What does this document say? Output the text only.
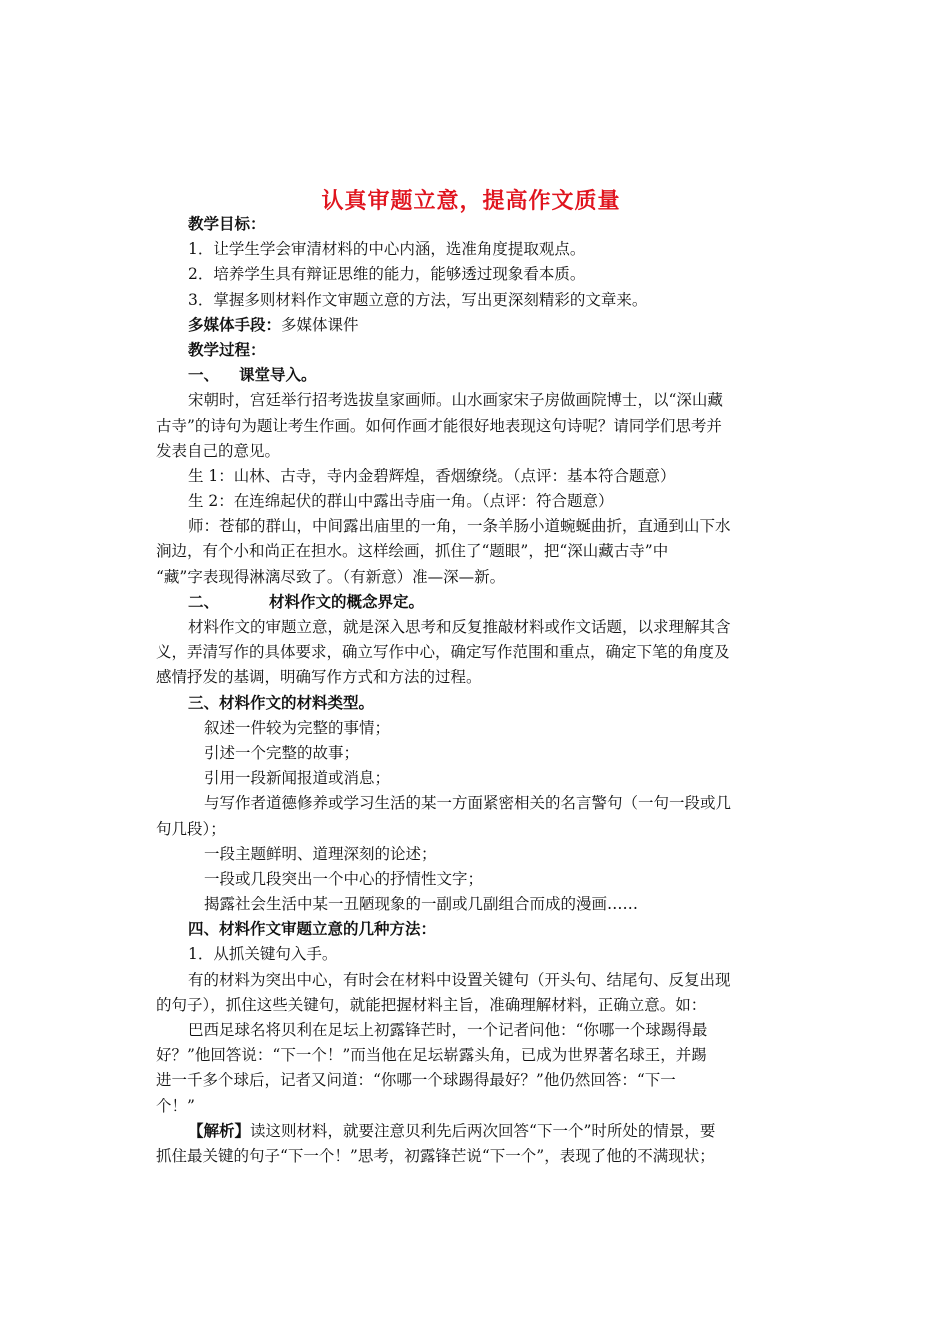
认真审题立意，提高作文质量
教学目标：
1．让学生学会审清材料的中心内涵，选准角度提取观点。
2．培养学生具有辩证思维的能力，能够透过现象看本质。
3．掌握多则材料作文审题立意的方法，写出更深刻精彩的文章来。
多媒体手段：多媒体课件
教学过程：
一、 课堂导入。
宋朝时，宫廷举行招考选拔皇家画师。山水画家宋子房做画院博士，以“深山藏
古寺”的诗句为题让考生作画。如何作画才能很好地表现这句诗呢？请同学们思考并
发表自己的意见。
生 1：山林、古寺，寺内金碧辉煌，香烟缭绕。（点评：基本符合题意）
生 2：在连绵起伏的群山中露出寺庙一角。（点评：符合题意）
师：苍郁的群山，中间露出庙里的一角，一条羊肠小道蜿蜒曲折，直通到山下水
涧边，有个小和尚正在担水。这样绘画，抓住了“题眼”，把“深山藏古寺”中
“藏”字表现得淋漓尽致了。（有新意）准—深—新。
二、	材料作文的概念界定。
材料作文的审题立意，就是深入思考和反复推敲材料或作文话题，以求理解其含
义，弄清写作的具体要求，确立写作中心，确定写作范围和重点，确定下笔的角度及
感情抒发的基调，明确写作方式和方法的过程。
三、材料作文的材料类型。
叙述一件较为完整的事情；
引述一个完整的故事；
引用一段新闻报道或消息；
与写作者道德修养或学习生活的某一方面紧密相关的名言警句（一句一段或几
句几段）；
一段主题鲜明、道理深刻的论述；
一段或几段突出一个中心的抒情性文字；
揭露社会生活中某一丑陋现象的一副或几副组合而成的漫画……
四、材料作文审题立意的几种方法：
1．从抓关键句入手。
有的材料为突出中心，有时会在材料中设置关键句（开头句、结尾句、反复出现
的句子），抓住这些关键句，就能把握材料主旨，准确理解材料，正确立意。如：
巴西足球名将贝利在足坛上初露锋芒时，一个记者问他：“你哪一个球踢得最
好？”他回答说：“下一个！”而当他在足坛崭露头角，已成为世界著名球王，并踢
进一千多个球后，记者又问道：“你哪一个球踢得最好？”他仍然回答：“下一
个！”
【解析】读这则材料，就要注意贝利先后两次回答“下一个”时所处的情景，要
抓住最关键的句子“下一个！”思考，初露锋芒说“下一个”，表现了他的不满现状；
